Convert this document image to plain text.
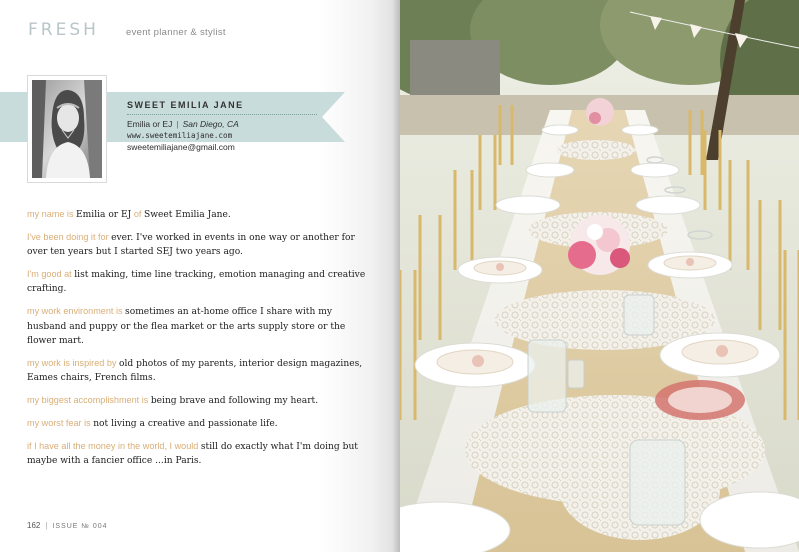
FRESH	event planner & stylist
SWEET EMILIA JANE
Emilia or EJ | San Diego, CA
www.sweetemiliajane.com
sweetemiliajane@gmail.com

my name is Emilia or EJ of Sweet Emilia Jane.

I've been doing it for ever. I've worked in events in one way or another for over ten years but I started SEJ two years ago.

I'm good at list making, time line tracking, emotion managing and creative crafting.

my work environment is sometimes an at-home office I share with my husband and puppy or the flea market or the arts supply store or the flower mart.

my work is inspired by old photos of my parents, interior design magazines, Eames chairs, French films.

my biggest accomplishment is being brave and following my heart.

my worst fear is not living a creative and passionate life.

if I have all the money in the world, I would still do exactly what I'm doing but maybe with a fancier office ...in Paris.

162 | ISSUE № 004
